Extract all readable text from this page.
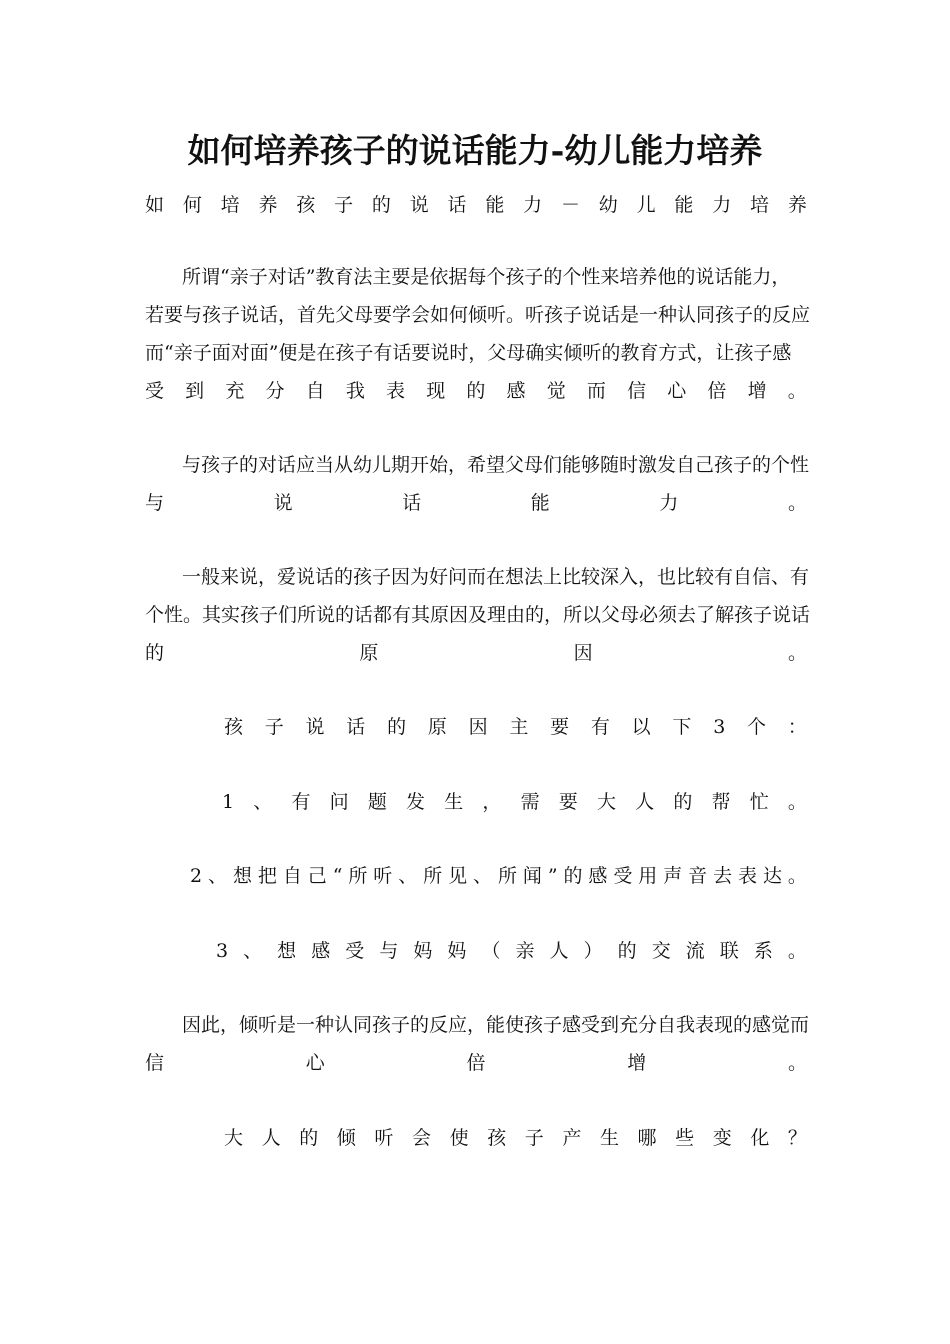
如何培养孩子的说话能力-幼儿能力培养
如 何 培 养 孩 子 的 说 话 能 力 － 幼 儿 能 力 培 养
所谓“亲子对话”教育法主要是依据每个孩子的个性来培养他的说话能力，
若要与孩子说话，首先父母要学会如何倾听。听孩子说话是一种认同孩子的反应
而“亲子面对面”便是在孩子有话要说时，父母确实倾听的教育方式，让孩子感
受 到 充 分 自 我 表 现 的 感 觉 而 信 心 倍 增 。
与孩子的对话应当从幼儿期开始，希望父母们能够随时激发自己孩子的个性
与	说	话	能	力	。
一般来说，爱说话的孩子因为好问而在想法上比较深入，也比较有自信、有
个性。其实孩子们所说的话都有其原因及理由的，所以父母必须去了解孩子说话
的	原	因	。
孩 子 说 话 的 原 因 主 要 有 以 下 3 个 ：
1 、 有 问 题 发 生 ， 需 要 大 人 的 帮 忙 。
2 、 想 把 自 己 “ 所 听 、 所 见 、 所 闻 ” 的 感 受 用 声 音 去 表 达 。
3 、 想 感 受 与 妈 妈 （ 亲 人 ） 的 交 流 联 系 。
因此，倾听是一种认同孩子的反应，能使孩子感受到充分自我表现的感觉而
信	心	倍	增	。
大 人 的 倾 听 会 使 孩 子 产 生 哪 些 变 化 ？
